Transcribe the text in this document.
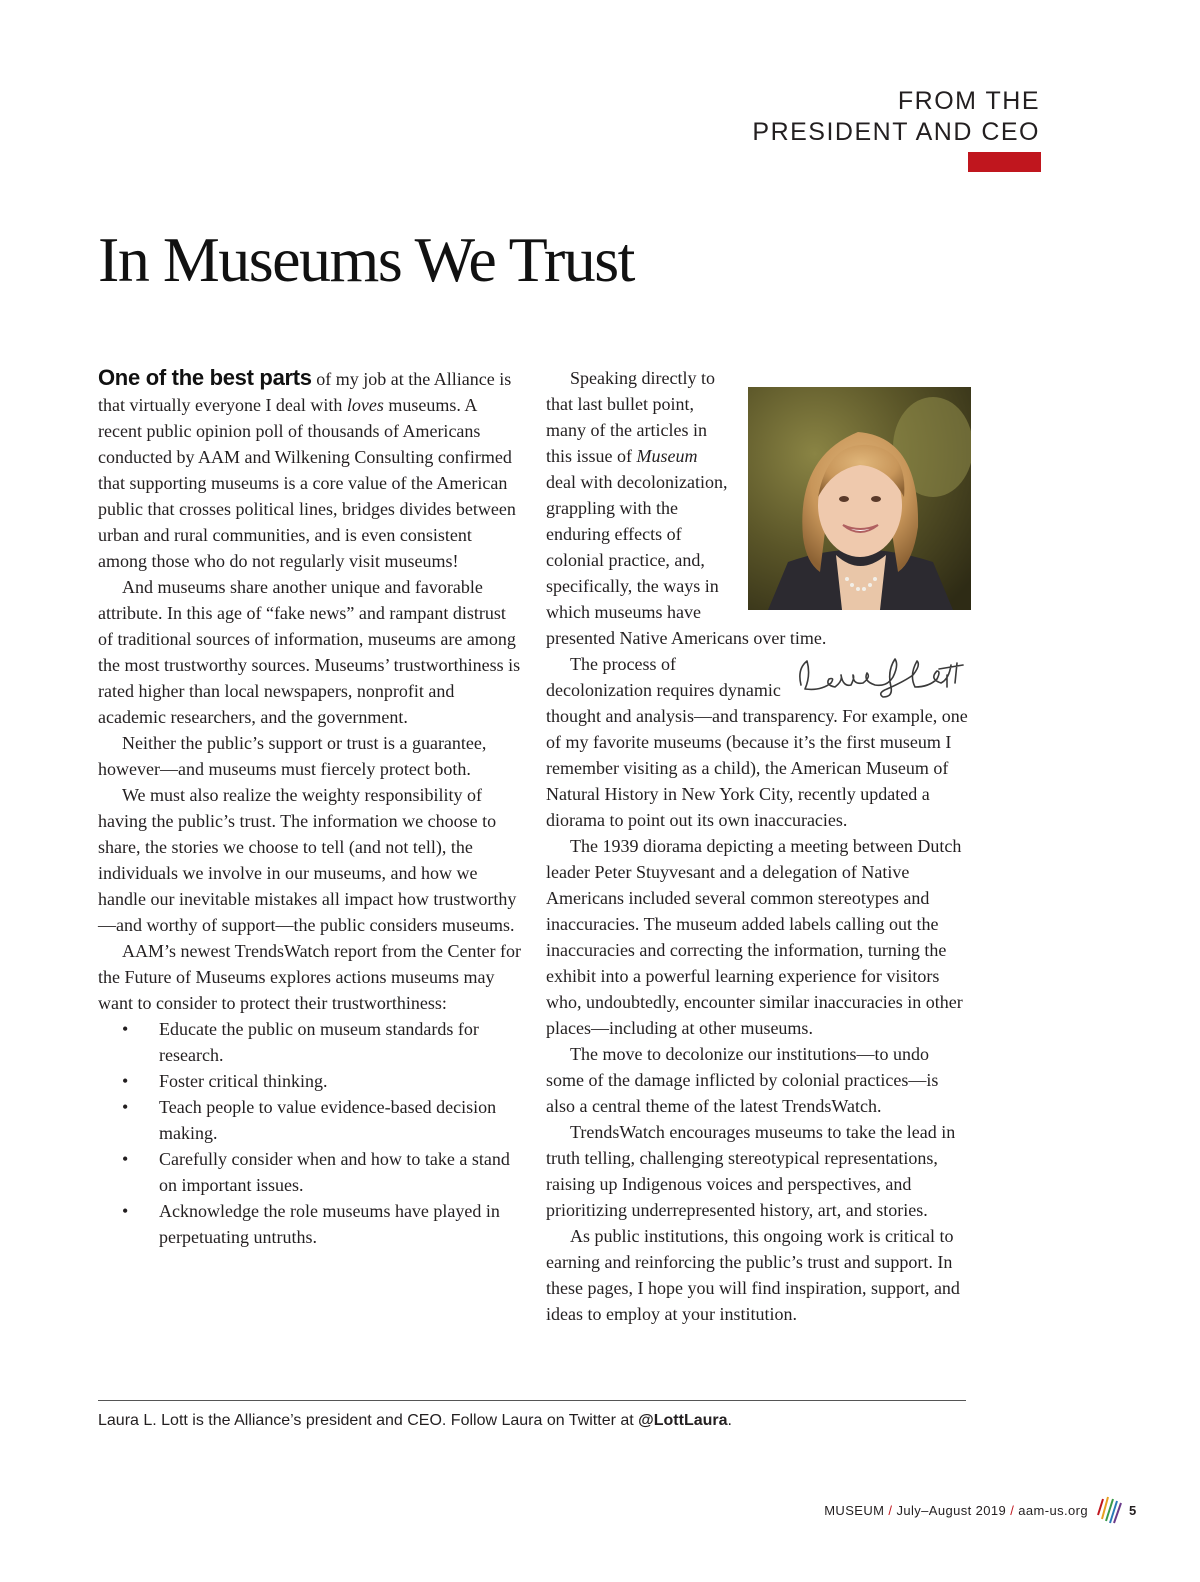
FROM THE
PRESIDENT AND CEO
In Museums We Trust

One of the best parts of my job at the Alliance is that virtually everyone I deal with loves museums. A recent public opinion poll of thousands of Americans conducted by AAM and Wilkening Consulting confirmed that supporting museums is a core value of the American public that crosses political lines, bridges divides between urban and rural communities, and is even consistent among those who do not regularly visit museums!

And museums share another unique and favorable attribute. In this age of “fake news” and rampant distrust of traditional sources of information, museums are among the most trustworthy sources. Museums’ trustworthiness is rated higher than local newspapers, nonprofit and academic researchers, and the government.

Neither the public’s support or trust is a guarantee, however—and museums must fiercely protect both.

We must also realize the weighty responsibility of having the public’s trust. The information we choose to share, the stories we choose to tell (and not tell), the individuals we involve in our museums, and how we handle our inevitable mistakes all impact how trustworthy—and worthy of support—the public considers museums.

AAM’s newest TrendsWatch report from the Center for the Future of Museums explores actions museums may want to consider to protect their trustworthiness:

• Educate the public on museum standards for research.
• Foster critical thinking.
• Teach people to value evidence-based decision making.
• Carefully consider when and how to take a stand on important issues.
• Acknowledge the role museums have played in perpetuating untruths.

Speaking directly to that last bullet point, many of the articles in this issue of Museum deal with decolonization, grappling with the enduring effects of colonial practice, and, specifically, the ways in which museums have presented Native Americans over time.

The process of decolonization requires dynamic thought and analysis—and transparency. For example, one of my favorite museums (because it’s the first museum I remember visiting as a child), the American Museum of Natural History in New York City, recently updated a diorama to point out its own inaccuracies.

The 1939 diorama depicting a meeting between Dutch leader Peter Stuyvesant and a delegation of Native Americans included several common stereotypes and inaccuracies. The museum added labels calling out the inaccuracies and correcting the information, turning the exhibit into a powerful learning experience for visitors who, undoubtedly, encounter similar inaccuracies in other places—including at other museums.

The move to decolonize our institutions—to undo some of the damage inflicted by colonial practices—is also a central theme of the latest TrendsWatch.

TrendsWatch encourages museums to take the lead in truth telling, challenging stereotypical representations, raising up Indigenous voices and perspectives, and prioritizing underrepresented history, art, and stories.

As public institutions, this ongoing work is critical to earning and reinforcing the public’s trust and support. In these pages, I hope you will find inspiration, support, and ideas to employ at your institution.

Laura L. Lott is the Alliance’s president and CEO. Follow Laura on Twitter at @LottLaura.
MUSEUM / July–August 2019 / aam-us.org	5
